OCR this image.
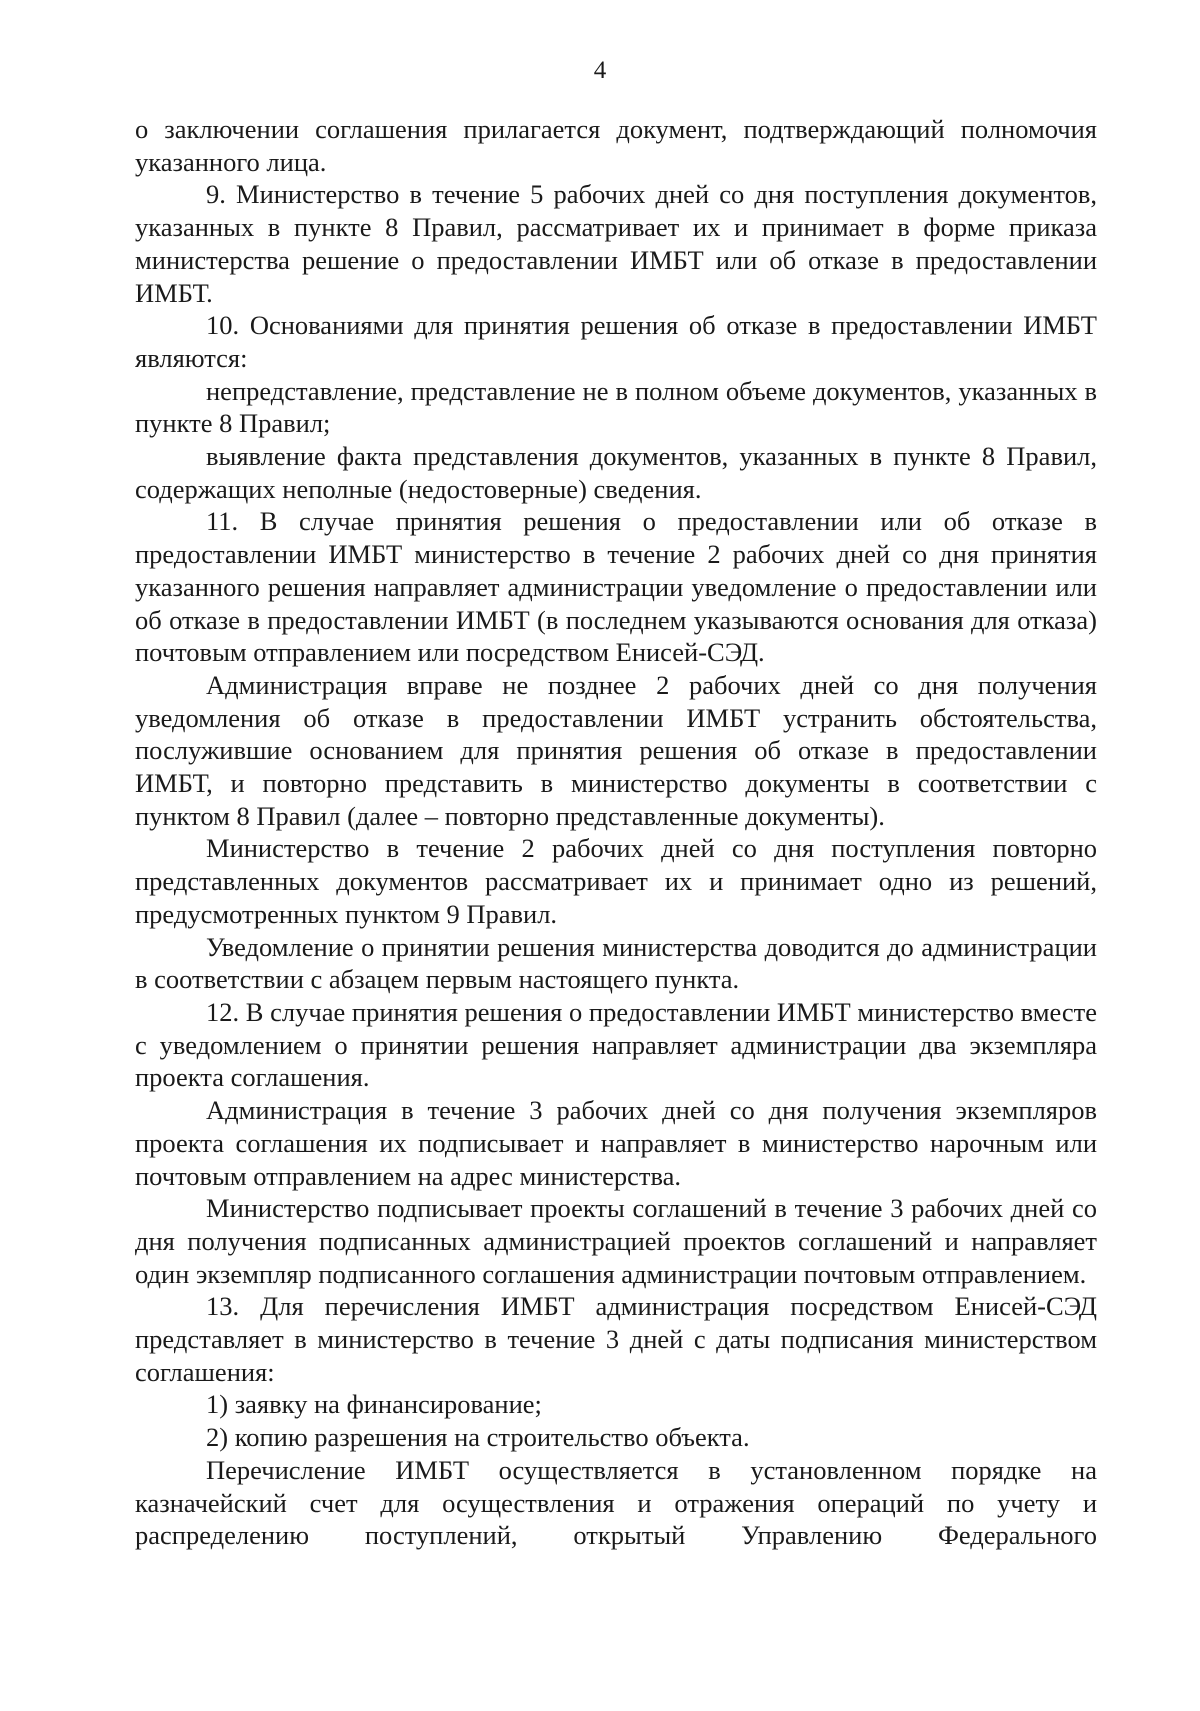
4

о заключении соглашения прилагается документ, подтверждающий полномочия указанного лица.

9. Министерство в течение 5 рабочих дней со дня поступления документов, указанных в пункте 8 Правил, рассматривает их и принимает в форме приказа министерства решение о предоставлении ИМБТ или об отказе в предоставлении ИМБТ.

10. Основаниями для принятия решения об отказе в предоставлении ИМБТ являются:

непредставление, представление не в полном объеме документов, указанных в пункте 8 Правил;

выявление факта представления документов, указанных в пункте 8 Правил, содержащих неполные (недостоверные) сведения.

11. В случае принятия решения о предоставлении или об отказе в предоставлении ИМБТ министерство в течение 2 рабочих дней со дня принятия указанного решения направляет администрации уведомление о предоставлении или об отказе в предоставлении ИМБТ (в последнем указываются основания для отказа) почтовым отправлением или посредством Енисей-СЭД.

Администрация вправе не позднее 2 рабочих дней со дня получения уведомления об отказе в предоставлении ИМБТ устранить обстоятельства, послужившие основанием для принятия решения об отказе в предоставлении ИМБТ, и повторно представить в министерство документы в соответствии с пунктом 8 Правил (далее – повторно представленные документы).

Министерство в течение 2 рабочих дней со дня поступления повторно представленных документов рассматривает их и принимает одно из решений, предусмотренных пунктом 9 Правил.

Уведомление о принятии решения министерства доводится до администрации в соответствии с абзацем первым настоящего пункта.

12. В случае принятия решения о предоставлении ИМБТ министерство вместе с уведомлением о принятии решения направляет администрации два экземпляра проекта соглашения.

Администрация в течение 3 рабочих дней со дня получения экземпляров проекта соглашения их подписывает и направляет в министерство нарочным или почтовым отправлением на адрес министерства.

Министерство подписывает проекты соглашений в течение 3 рабочих дней со дня получения подписанных администрацией проектов соглашений и направляет один экземпляр подписанного соглашения администрации почтовым отправлением.

13. Для перечисления ИМБТ администрация посредством Енисей-СЭД представляет в министерство в течение 3 дней с даты подписания министерством соглашения:

1) заявку на финансирование;

2) копию разрешения на строительство объекта.

Перечисление ИМБТ осуществляется в установленном порядке на казначейский счет для осуществления и отражения операций по учету и распределению поступлений, открытый Управлению Федерального
